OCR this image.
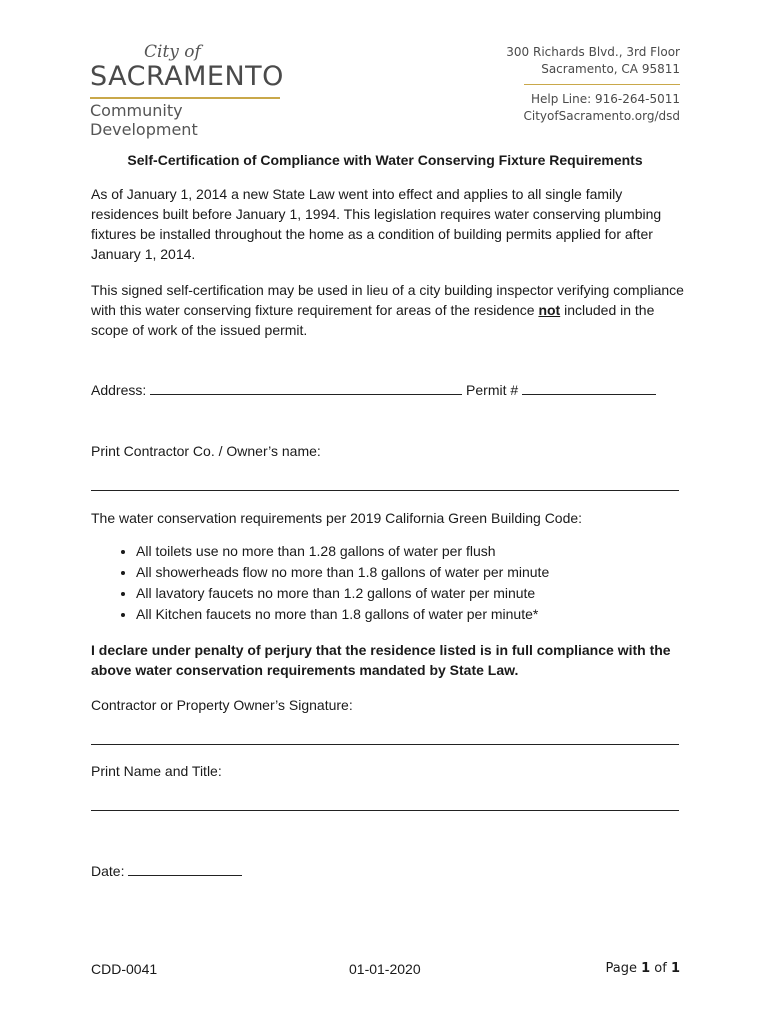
City of
SACRAMENTO
Community Development
300 Richards Blvd., 3rd Floor
Sacramento, CA 95811
Help Line: 916-264-5011
CityofSacramento.org/dsd
Self-Certification of Compliance with Water Conserving Fixture Requirements
As of January 1, 2014 a new State Law went into effect and applies to all single family residences built before January 1, 1994. This legislation requires water conserving plumbing fixtures be installed throughout the home as a condition of building permits applied for after January 1, 2014.
This signed self-certification may be used in lieu of a city building inspector verifying compliance with this water conserving fixture requirement for areas of the residence not included in the scope of work of the issued permit.
Address:	Permit #
Print Contractor Co. / Owner’s name:
The water conservation requirements per 2019 California Green Building Code:
• All toilets use no more than 1.28 gallons of water per flush
• All showerheads flow no more than 1.8 gallons of water per minute
• All lavatory faucets no more than 1.2 gallons of water per minute
• All Kitchen faucets no more than 1.8 gallons of water per minute*
I declare under penalty of perjury that the residence listed is in full compliance with the above water conservation requirements mandated by State Law.
Contractor or Property Owner’s Signature:
Print Name and Title:
Date:
CDD-0041	01-01-2020	Page 1 of 1
